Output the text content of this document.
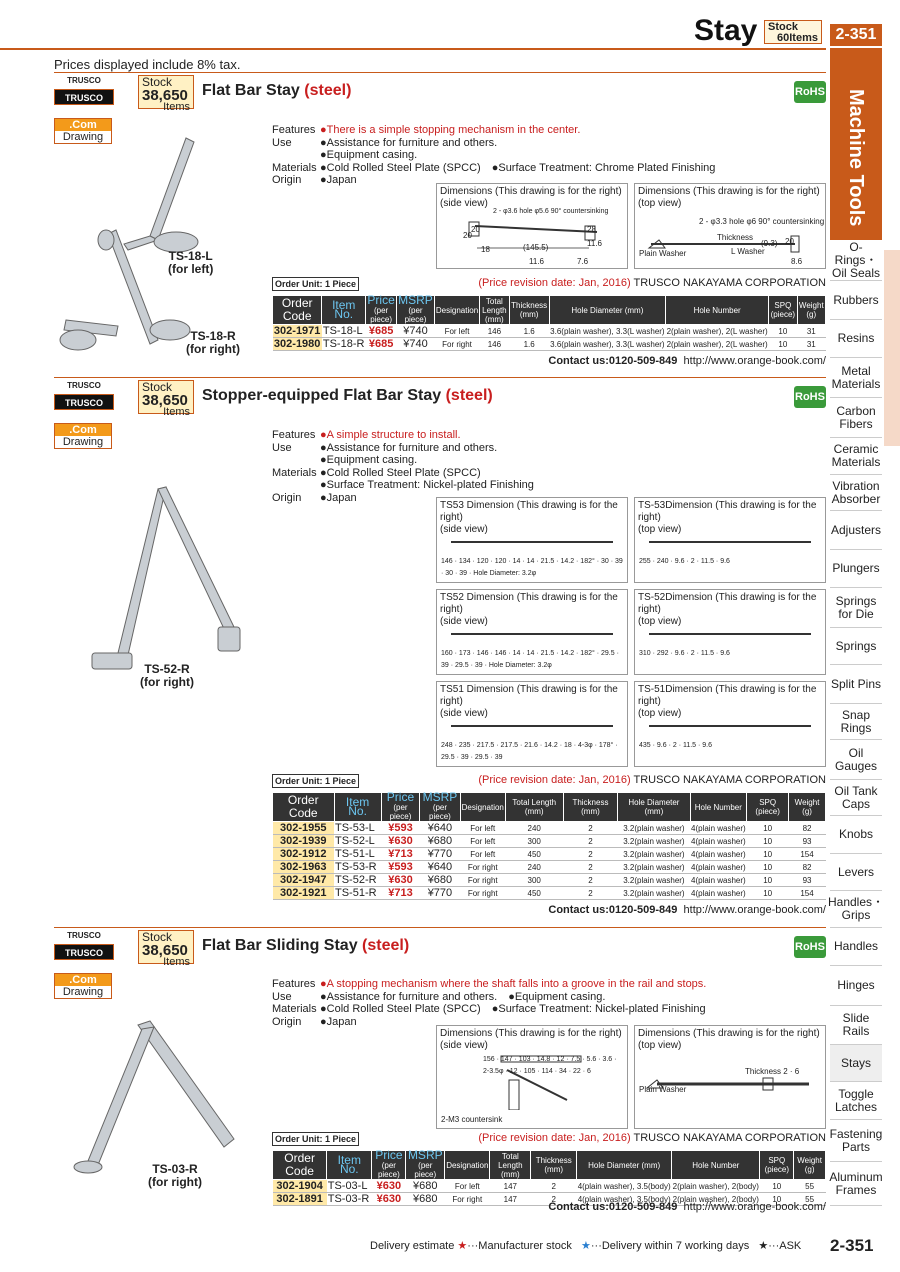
Stay Stock
60Items	2-351
Prices displayed include 8% tax.
Machine Tools
O-Rings・Oil Seals
Rubbers
Resins
Metal Materials
Carbon Fibers
Ceramic Materials
Vibration Absorber
Adjusters
Plungers
Springs for Die
Springs
Split Pins
Snap Rings
Oil Gauges
Oil Tank Caps
Knobs
Levers
Handles・Grips
Handles
Hinges
Slide Rails
Stays
Toggle Latches
Fastening Parts
Aluminum Frames
TRUSCO
TRUSCO
Stock
38,650
Items
Flat Bar Stay (steel)	RoHS
.Com
Drawing
TS-18-L
(for left)
TS-18-R
(for right)
Features ●There is a simple stopping mechanism in the center.
Use	●Assistance for furniture and others.
●Equipment casing.
Materials ●Cold Rolled Steel Plate (SPCC)　●Surface Treatment: Chrome Plated Finishing
Origin	●Japan
Dimensions (This drawing is for the right)
(side view)
2 - φ3.6 hole φ5.6 90° countersinking
20
20
28
11.6
(145.5)
11.6	7.6
18
Dimensions (This drawing is for the right)
(top view)
2 - φ3.3 hole φ6 90° countersinking
Thickness
(9.3) 20
8.6
Plain Washer	L Washer
Order Unit: 1 Piece	(Price revision date: Jan, 2016) TRUSCO NAKAYAMA CORPORATION
Order Code	Item No.	Price
(per piece)	MSRP
(per piece)	Designation	Total Length (mm)	Thickness (mm)	Hole Diameter (mm)	Hole Number	SPQ (piece)	Weight (g)
302-1971	TS-18-L	¥685	¥740	For left	146	1.6	3.6(plain washer), 3.3(L washer)	2(plain washer), 2(L washer)	10	31
302-1980	TS-18-R	¥685	¥740	For right	146	1.6	3.6(plain washer), 3.3(L washer)	2(plain washer), 2(L washer)	10	31
Contact us:0120-509-849 http://www.orange-book.com/
TRUSCO
TRUSCO
Stock
38,650
Items
Stopper-equipped Flat Bar Stay (steel)	RoHS
.Com
Drawing
TS-52-R
(for right)
Features ●A simple structure to install.
Use	●Assistance for furniture and others.
●Equipment casing.
Materials ●Cold Rolled Steel Plate (SPCC)
●Surface Treatment: Nickel-plated Finishing
Origin	●Japan
TS53 Dimension (This drawing is for the right)
(side view)
146 · 134 · 120 · 120 · 14 · 14 · 21.5 · 14.2 · 182° · 30 · 39 · 30 · 39 · Hole Diameter: 3.2φ
TS-53Dimension (This drawing is for the right)
(top view)
255 · 240 · 9.6 · 2 · 11.5 · 9.6
TS52 Dimension (This drawing is for the right)
(side view)
160 · 173 · 146 · 146 · 14 · 14 · 21.5 · 14.2 · 182° · 29.5 · 39 · 29.5 · 39 · Hole Diameter: 3.2φ
TS-52Dimension (This drawing is for the right)
(top view)
310 · 292 · 9.6 · 2 · 11.5 · 9.6
TS51 Dimension (This drawing is for the right)
(side view)
248 · 235 · 217.5 · 217.5 · 21.6 · 14.2 · 18 · 4-3φ · 178° · 29.5 · 39 · 29.5 · 39
TS-51Dimension (This drawing is for the right)
(top view)
435 · 9.6 · 2 · 11.5 · 9.6
Order Unit: 1 Piece	(Price revision date: Jan, 2016) TRUSCO NAKAYAMA CORPORATION
Order Code	Item No.	Price
(per piece)	MSRP
(per piece)	Designation	Total Length (mm)	Thickness (mm)	Hole Diameter (mm)	Hole Number	SPQ (piece)	Weight (g)
302-1955	TS-53-L	¥593	¥640	For left	240	2	3.2(plain washer)	4(plain washer)	10	82
302-1939	TS-52-L	¥630	¥680	For left	300	2	3.2(plain washer)	4(plain washer)	10	93
302-1912	TS-51-L	¥713	¥770	For left	450	2	3.2(plain washer)	4(plain washer)	10	154
302-1963	TS-53-R	¥593	¥640	For right	240	2	3.2(plain washer)	4(plain washer)	10	82
302-1947	TS-52-R	¥630	¥680	For right	300	2	3.2(plain washer)	4(plain washer)	10	93
302-1921	TS-51-R	¥713	¥770	For right	450	2	3.2(plain washer)	4(plain washer)	10	154
Contact us:0120-509-849 http://www.orange-book.com/
TRUSCO
TRUSCO
Stock
38,650
Items
Flat Bar Sliding Stay (steel)	RoHS
.Com
Drawing
TS-03-R
(for right)
Features ●A stopping mechanism where the shaft falls into a groove in the rail and stops.
Use	●Assistance for furniture and others.　●Equipment casing.
Materials ●Cold Rolled Steel Plate (SPCC)　●Surface Treatment: Nickel-plated Finishing
Origin	●Japan
Dimensions (This drawing is for the right)
(side view)
156 · 147 · 103 · 14.8 · 12 · 7.5 · 5.6 · 3.6 · 2-3.5φ · 12 · 105 · 114 · 34 · 22 · 6
2-M3 countersink
Dimensions (This drawing is for the right)
(top view)
Thickness 2 · 6
Plain Washer
Order Unit: 1 Piece	(Price revision date: Jan, 2016) TRUSCO NAKAYAMA CORPORATION
Order Code	Item No.	Price
(per piece)	MSRP
(per piece)	Designation	Total Length (mm)	Thickness (mm)	Hole Diameter (mm)	Hole Number	SPQ (piece)	Weight (g)
302-1904	TS-03-L	¥630	¥680	For left	147	2	4(plain washer), 3.5(body)	2(plain washer), 2(body)	10	55
302-1891	TS-03-R	¥630	¥680	For right	147	2	4(plain washer), 3.5(body)	2(plain washer), 2(body)	10	55
Contact us:0120-509-849 http://www.orange-book.com/
Delivery estimate ★···Manufacturer stock ★···Delivery within 7 working days ★···ASK 2-351
